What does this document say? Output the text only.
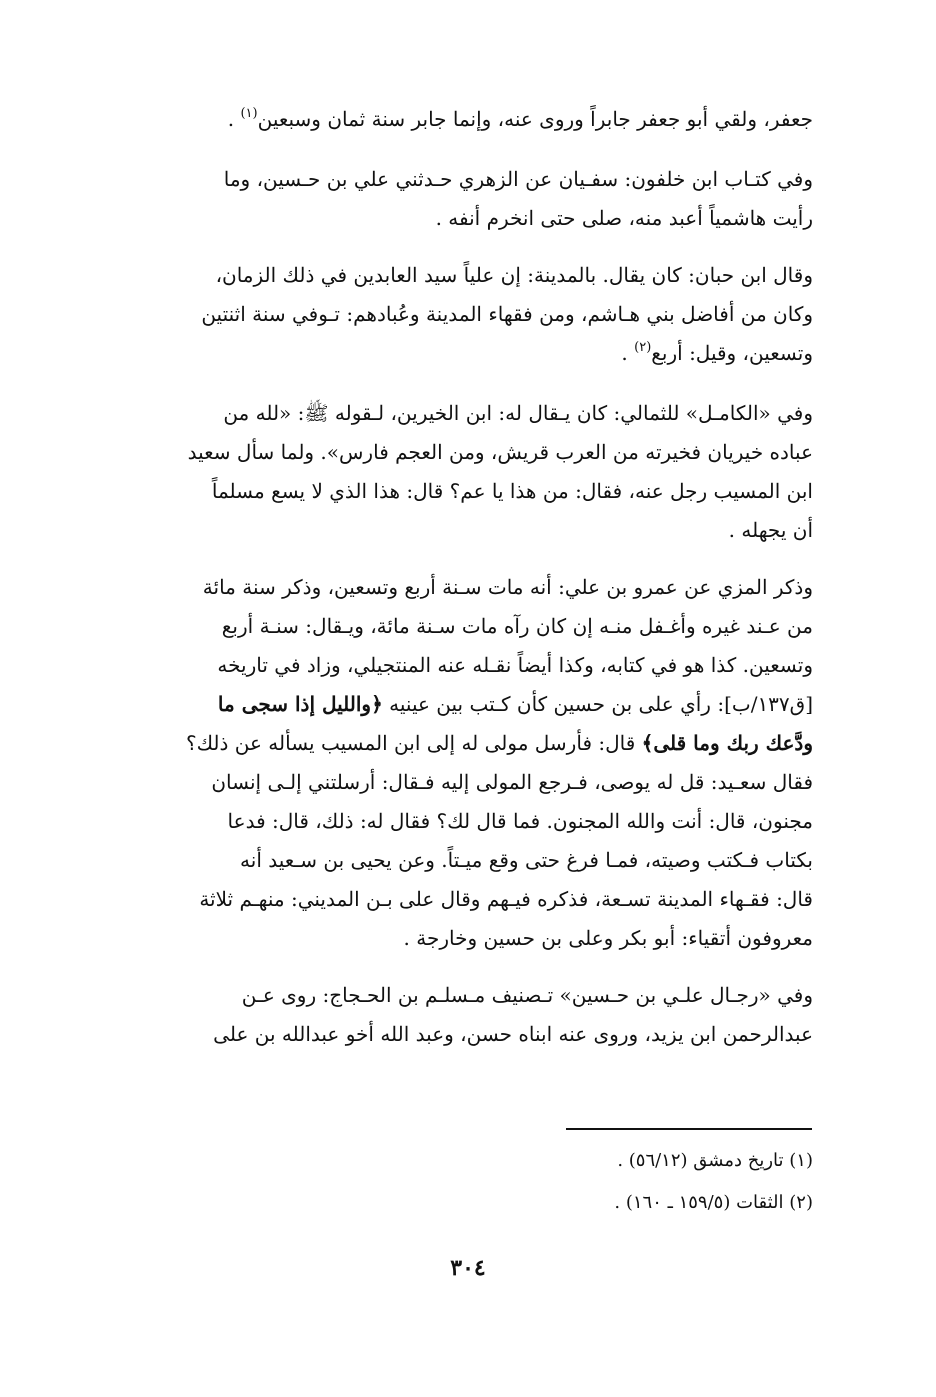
جعفر، ولقي أبو جعفر جابراً وروى عنه، وإنما جابر سنة ثمان وسبعين$^{(١)}$ .

وفي كتـاب ابن خلفون: سفـيان عن الزهري حـدثني علي بن حـسين، وما

رأيت هاشمياً أعبد منه، صلى حتى انخرم أنفه .

وقال ابن حبان: كان يقال. بالمدينة: إن علياً سيد العابدين في ذلك الزمان،

وكان من أفاضل بني هـاشم، ومن فقهاء المدينة وعُبادهم: تـوفي سنة اثنتين

وتسعين، وقيل: أربع$^{(٢)}$ .

وفي «الكامـل» للثمالي: كان يـقال له: ابن الخيرين، لـقوله ﷺ: «لله من

عباده خيريان فخيرته من العرب قريش، ومن العجم فارس». ولما سأل سعيد

ابن المسيب رجل عنه، فقال: من هذا يا عم؟ قال: هذا الذي لا يسع مسلماً

أن يجهله .

وذكر المزي عن عمرو بن علي: أنه مات سـنة أربع وتسعين، وذكر سنة مائة

من عـند غيره وأغـفل منـه إن كان رآه مات سـنة مائة، ويـقال: سنـة أربع

وتسعين. كذا هو في كتابه، وكذا أيضاً نقـله عنه المنتجيلي، وزاد في تاريخه

[ق١٣٧/ب]: رأي على بن حسين كأن كـتب بين عينيه ﴿والليل إذا سجى ما

ودَّعك ربك وما قلى﴾ قال: فأرسل مولى له إلى ابن المسيب يسأله عن ذلك؟

فقال سعـيد: قل له يوصى، فـرجع المولى إليه فـقال: أرسلتني إلـى إنسان

مجنون، قال: أنت والله المجنون. فما قال لك؟ فقال له: ذلك، قال: فدعا

بكتاب فـكتب وصيته، فمـا فرغ حتى وقع ميـتاً. وعن يحيى بن سـعيد أنه

قال: فقـهاء المدينة تسـعة، فذكره فيـهم وقال على بـن المديني: منهـم ثلاثة

معروفون أتقياء: أبو بكر وعلى بن حسين وخارجة .

وفي «رجـال علـي بن حـسين» تـصنيف مـسلـم بن الحـجاج: روى عـن

عبدالرحمن ابن يزيد، وروى عنه ابناه حسن، وعبد الله أخو عبدالله بن على

(١) تاريخ دمشق (٥٦/١٢) .
(٢) الثقات (١٥٩/٥ ـ ١٦٠) .
٣٠٤
